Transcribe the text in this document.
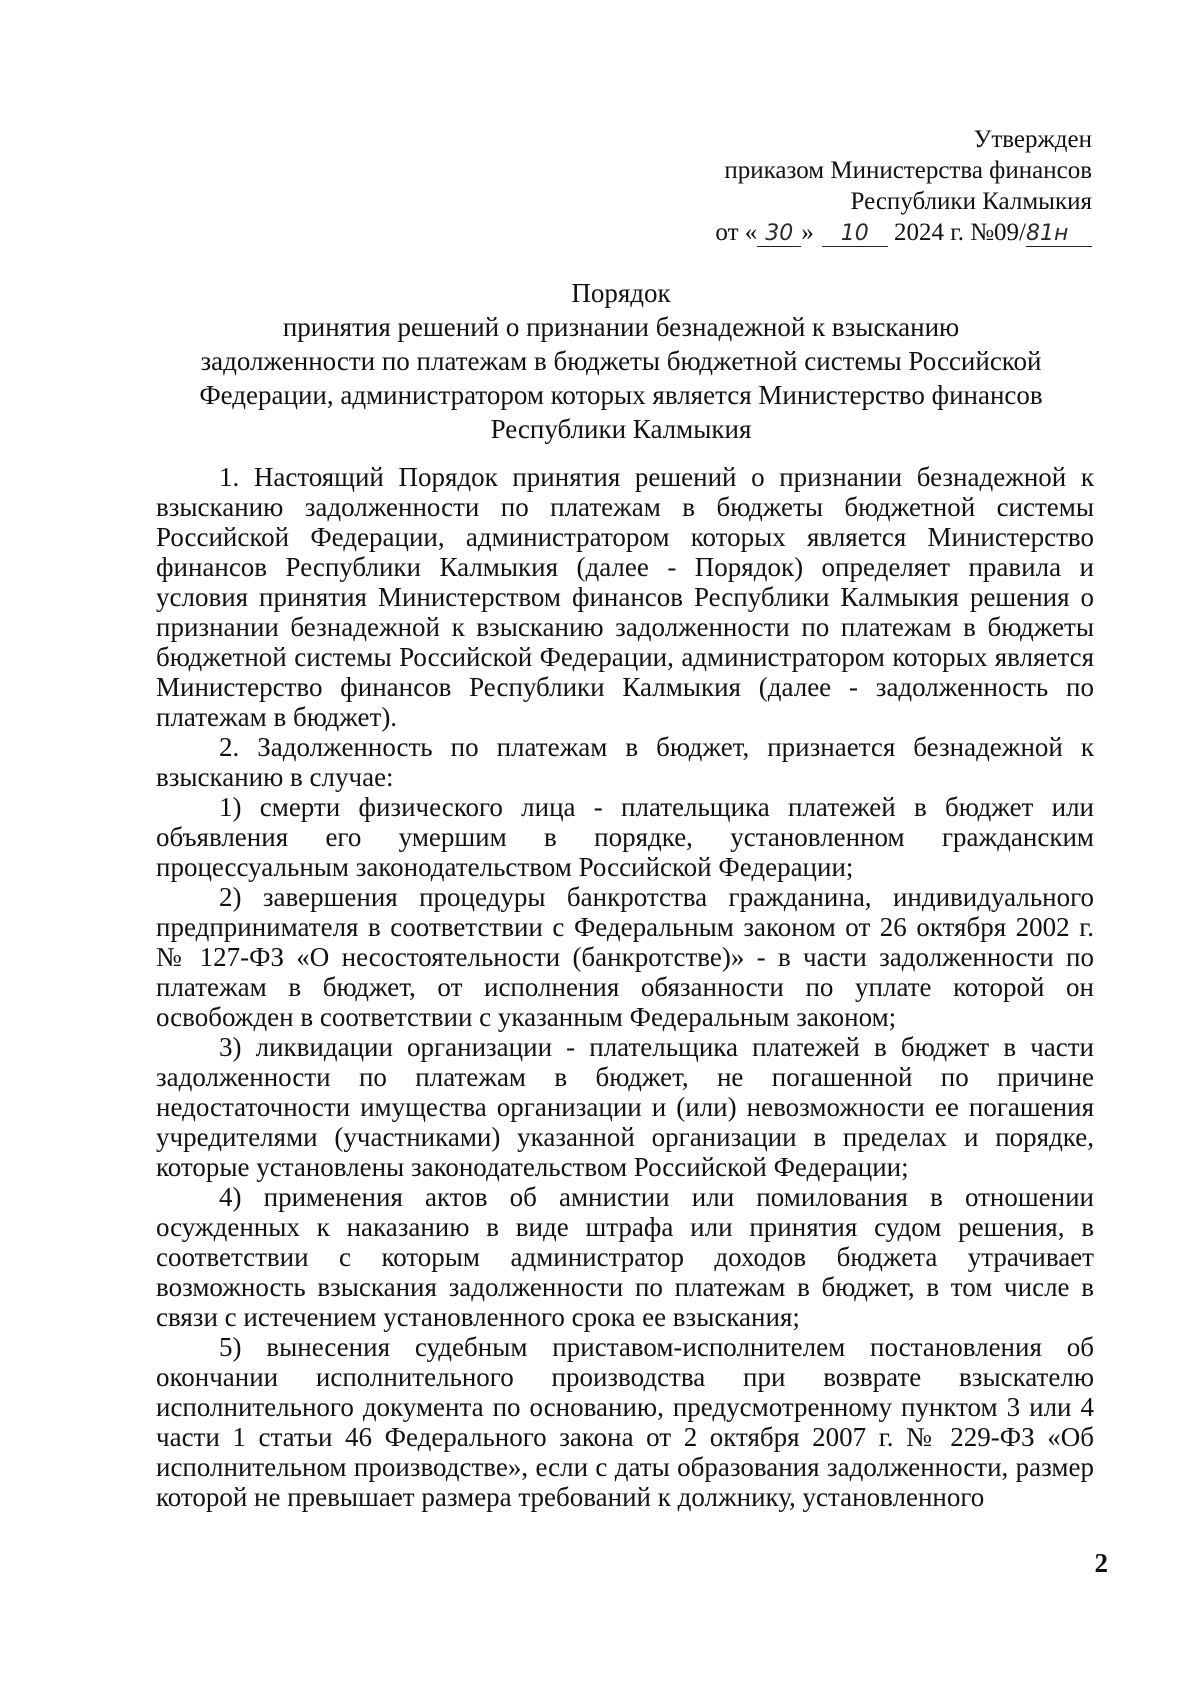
Утвержден
приказом Министерства финансов
Республики Калмыкия
от « 30 » 10 2024 г. №09/81н
Порядок
принятия решений о признании безнадежной к взысканию
задолженности по платежам в бюджеты бюджетной системы Российской
Федерации, администратором которых является Министерство финансов
Республики Калмыкия

1. Настоящий Порядок принятия решений о признании безнадежной к взысканию задолженности по платежам в бюджеты бюджетной системы Российской Федерации, администратором которых является Министерство финансов Республики Калмыкия (далее - Порядок) определяет правила и условия принятия Министерством финансов Республики Калмыкия решения о признании безнадежной к взысканию задолженности по платежам в бюджеты бюджетной системы Российской Федерации, администратором которых является Министерство финансов Республики Калмыкия (далее - задолженность по платежам в бюджет).

2. Задолженность по платежам в бюджет, признается безнадежной к взысканию в случае:

1) смерти физического лица - плательщика платежей в бюджет или объявления его умершим в порядке, установленном гражданским процессуальным законодательством Российской Федерации;

2) завершения процедуры банкротства гражданина, индивидуального предпринимателя в соответствии с Федеральным законом от 26 октября 2002 г. № 127-ФЗ «О несостоятельности (банкротстве)» - в части задолженности по платежам в бюджет, от исполнения обязанности по уплате которой он освобожден в соответствии с указанным Федеральным законом;

3) ликвидации организации - плательщика платежей в бюджет в части задолженности по платежам в бюджет, не погашенной по причине недостаточности имущества организации и (или) невозможности ее погашения учредителями (участниками) указанной организации в пределах и порядке, которые установлены законодательством Российской Федерации;

4) применения актов об амнистии или помилования в отношении осужденных к наказанию в виде штрафа или принятия судом решения, в соответствии с которым администратор доходов бюджета утрачивает возможность взыскания задолженности по платежам в бюджет, в том числе в связи с истечением установленного срока ее взыскания;

5) вынесения судебным приставом-исполнителем постановления об окончании исполнительного производства при возврате взыскателю исполнительного документа по основанию, предусмотренному пунктом 3 или 4 части 1 статьи 46 Федерального закона от 2 октября 2007 г. № 229-ФЗ «Об исполнительном производстве», если с даты образования задолженности, размер которой не превышает размера требований к должнику, установленного

2
